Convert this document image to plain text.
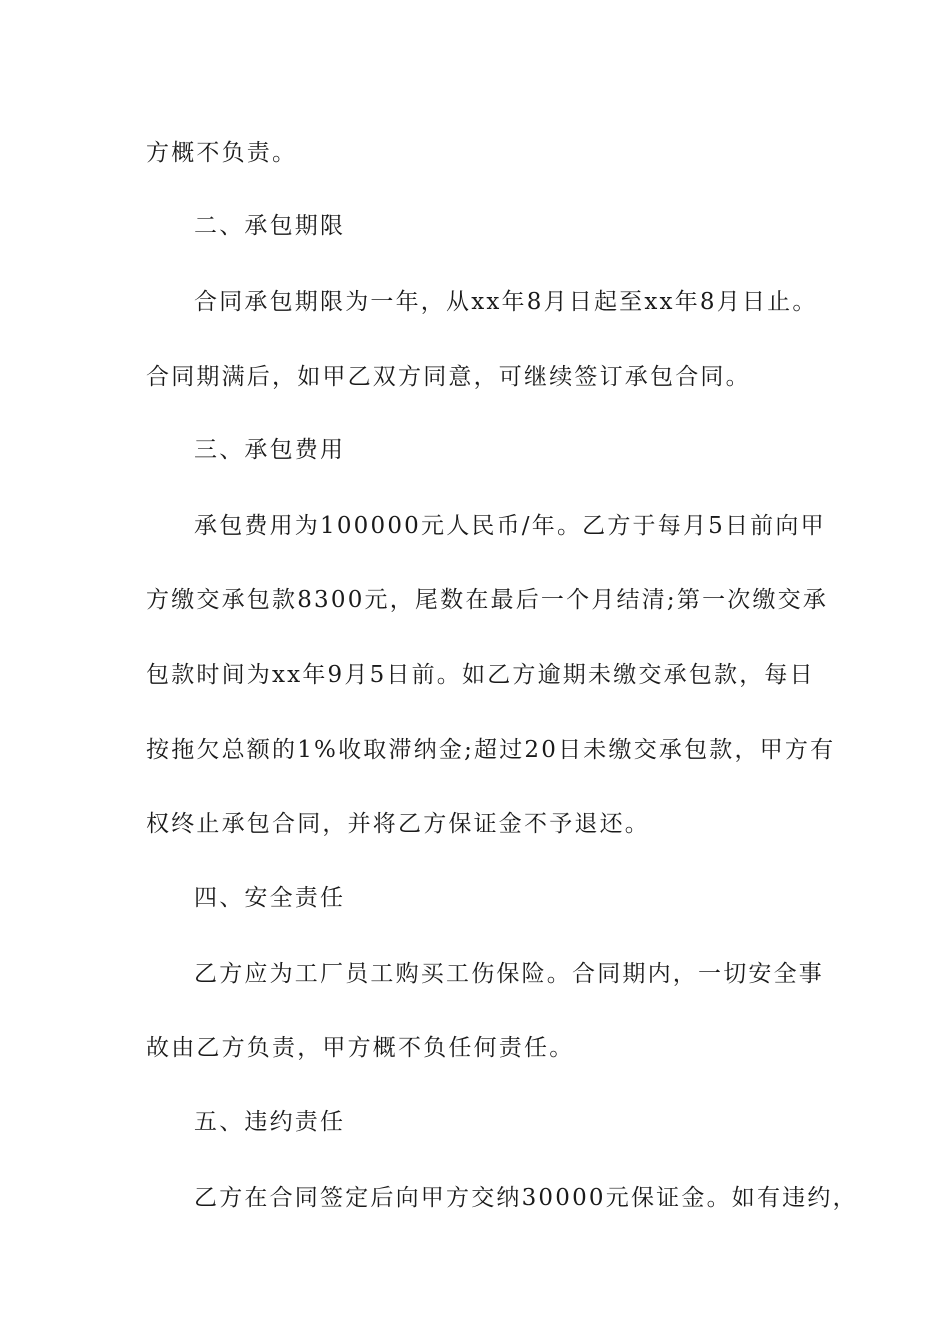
方概不负责。
二、承包期限
合同承包期限为一年，从xx年8月日起至xx年8月日止。
合同期满后，如甲乙双方同意，可继续签订承包合同。
三、承包费用
承包费用为100000元人民币/年。乙方于每月5日前向甲
方缴交承包款8300元，尾数在最后一个月结清;第一次缴交承
包款时间为xx年9月5日前。如乙方逾期未缴交承包款，每日
按拖欠总额的1%收取滞纳金;超过20日未缴交承包款，甲方有
权终止承包合同，并将乙方保证金不予退还。
四、安全责任
乙方应为工厂员工购买工伤保险。合同期内，一切安全事
故由乙方负责，甲方概不负任何责任。
五、违约责任
乙方在合同签定后向甲方交纳30000元保证金。如有违约，
